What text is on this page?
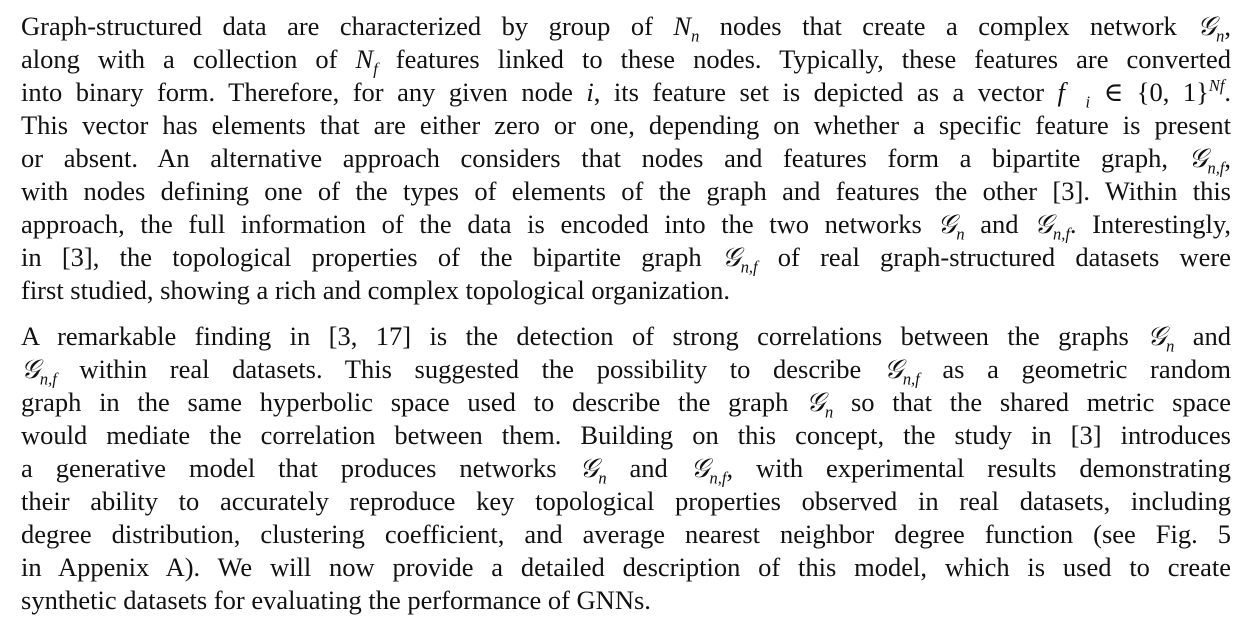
Graph-structured data are characterized by group of $N_n$ nodes that create a complex network 𝒢$_n$,
along with a collection of $N_f$ features linked to these nodes. Typically, these features are converted
into binary form. Therefore, for any given node i, its feature set is depicted as a vector $f⃗_i$ ∈ {0, 1}$^{Nf}$.
This vector has elements that are either zero or one, depending on whether a specific feature is present
or absent. An alternative approach considers that nodes and features form a bipartite graph, 𝒢$_{n,f}$,
with nodes defining one of the types of elements of the graph and features the other [3]. Within this
approach, the full information of the data is encoded into the two networks 𝒢$_n$ and 𝒢$_{n,f}$. Interestingly,
in [3], the topological properties of the bipartite graph 𝒢$_{n,f}$ of real graph-structured datasets were
first studied, showing a rich and complex topological organization.
A remarkable finding in [3, 17] is the detection of strong correlations between the graphs 𝒢$_n$ and
𝒢$_{n,f}$ within real datasets. This suggested the possibility to describe 𝒢$_{n,f}$ as a geometric random
graph in the same hyperbolic space used to describe the graph 𝒢$_n$ so that the shared metric space
would mediate the correlation between them. Building on this concept, the study in [3] introduces
a generative model that produces networks 𝒢$_n$ and 𝒢$_{n,f}$, with experimental results demonstrating
their ability to accurately reproduce key topological properties observed in real datasets, including
degree distribution, clustering coefficient, and average nearest neighbor degree function (see Fig. 5
in Appenix A). We will now provide a detailed description of this model, which is used to create
synthetic datasets for evaluating the performance of GNNs.
